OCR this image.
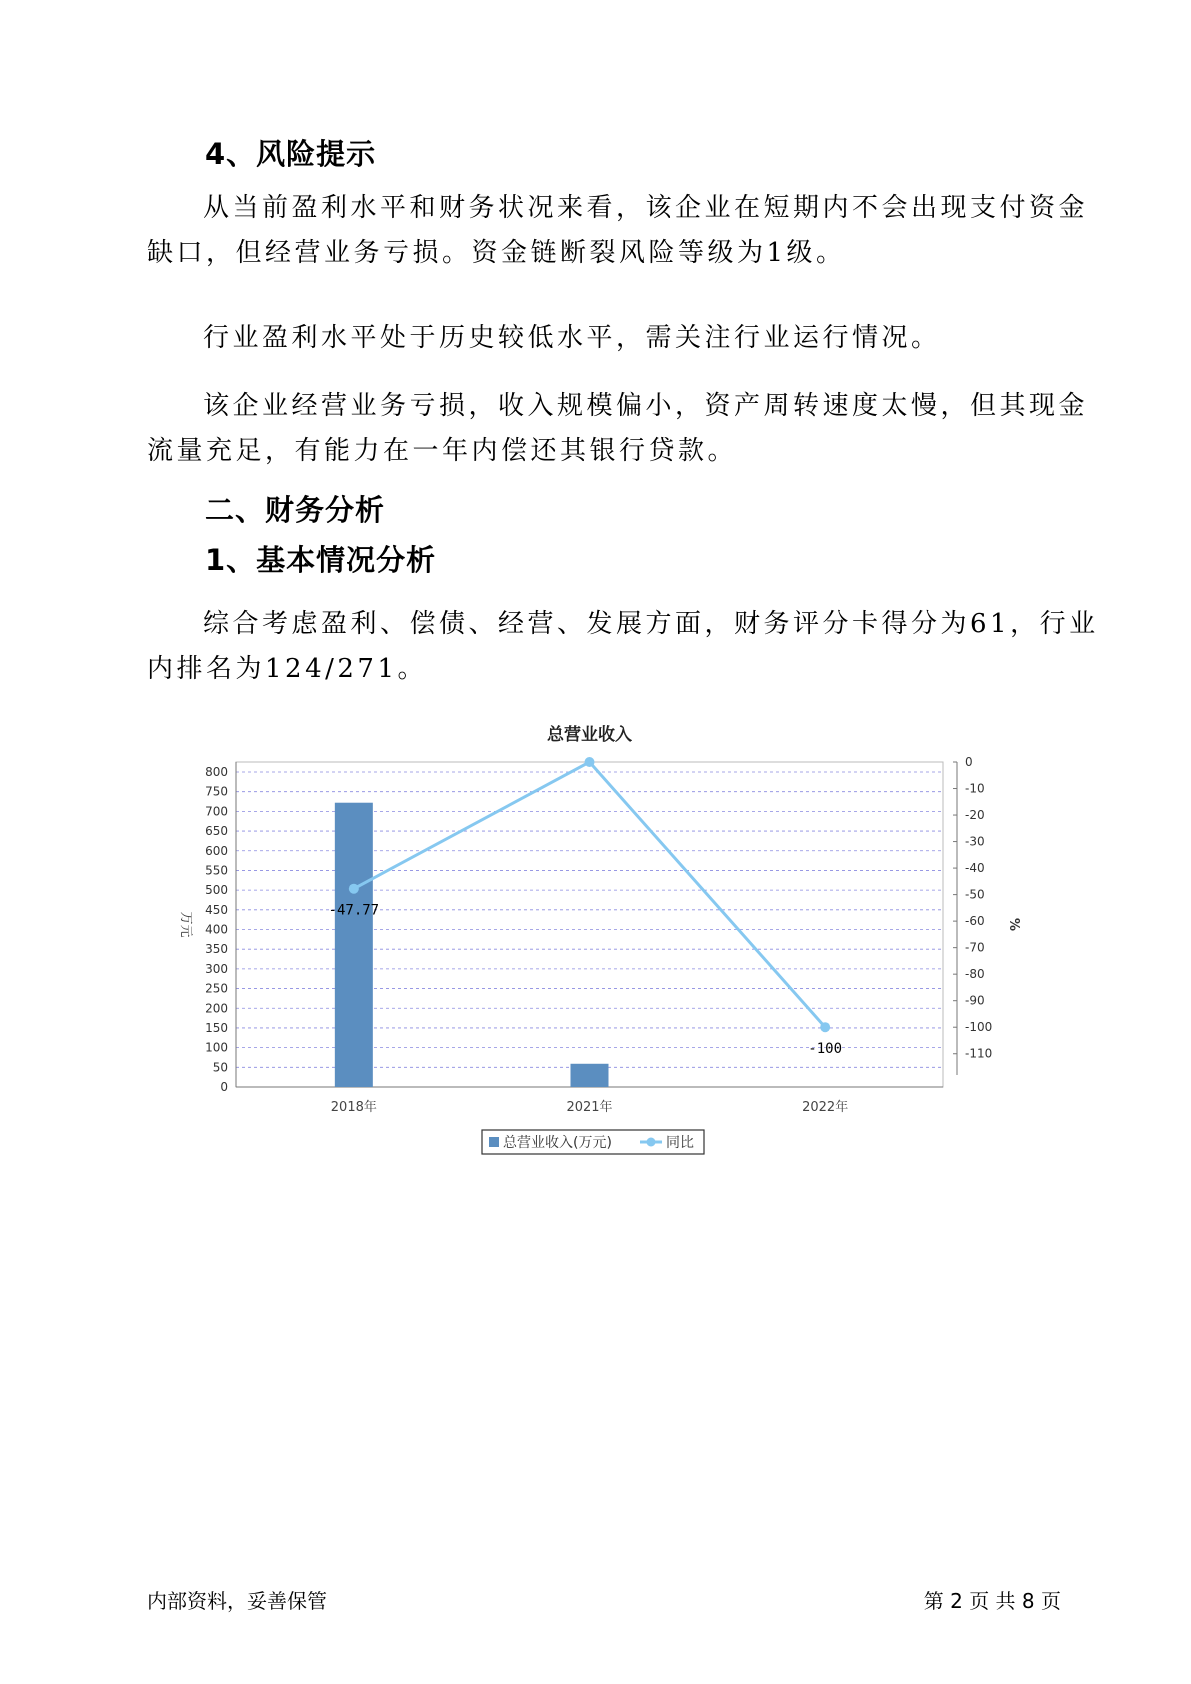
4、风险提示

从当前盈利水平和财务状况来看，该企业在短期内不会出现支付资金
缺口，但经营业务亏损。资金链断裂风险等级为1级。

行业盈利水平处于历史较低水平，需关注行业运行情况。

该企业经营业务亏损，收入规模偏小，资产周转速度太慢，但其现金
流量充足，有能力在一年内偿还其银行贷款。

二、财务分析
1、基本情况分析

综合考虑盈利、偿债、经营、发展方面，财务评分卡得分为61，行业
内排名为124/271。

总营业收入
0
50
100
150
200
250
300
350
400
450
500
550
600
650
700
750
800
0
-10
-20
-30
-40
-50
-60
-70
-80
-90
-100
-110
万元	%
2018年	2021年	2022年
-47.77
-100
总营业收入(万元)	同比
内部资料，妥善保管	第 2 页 共 8 页
